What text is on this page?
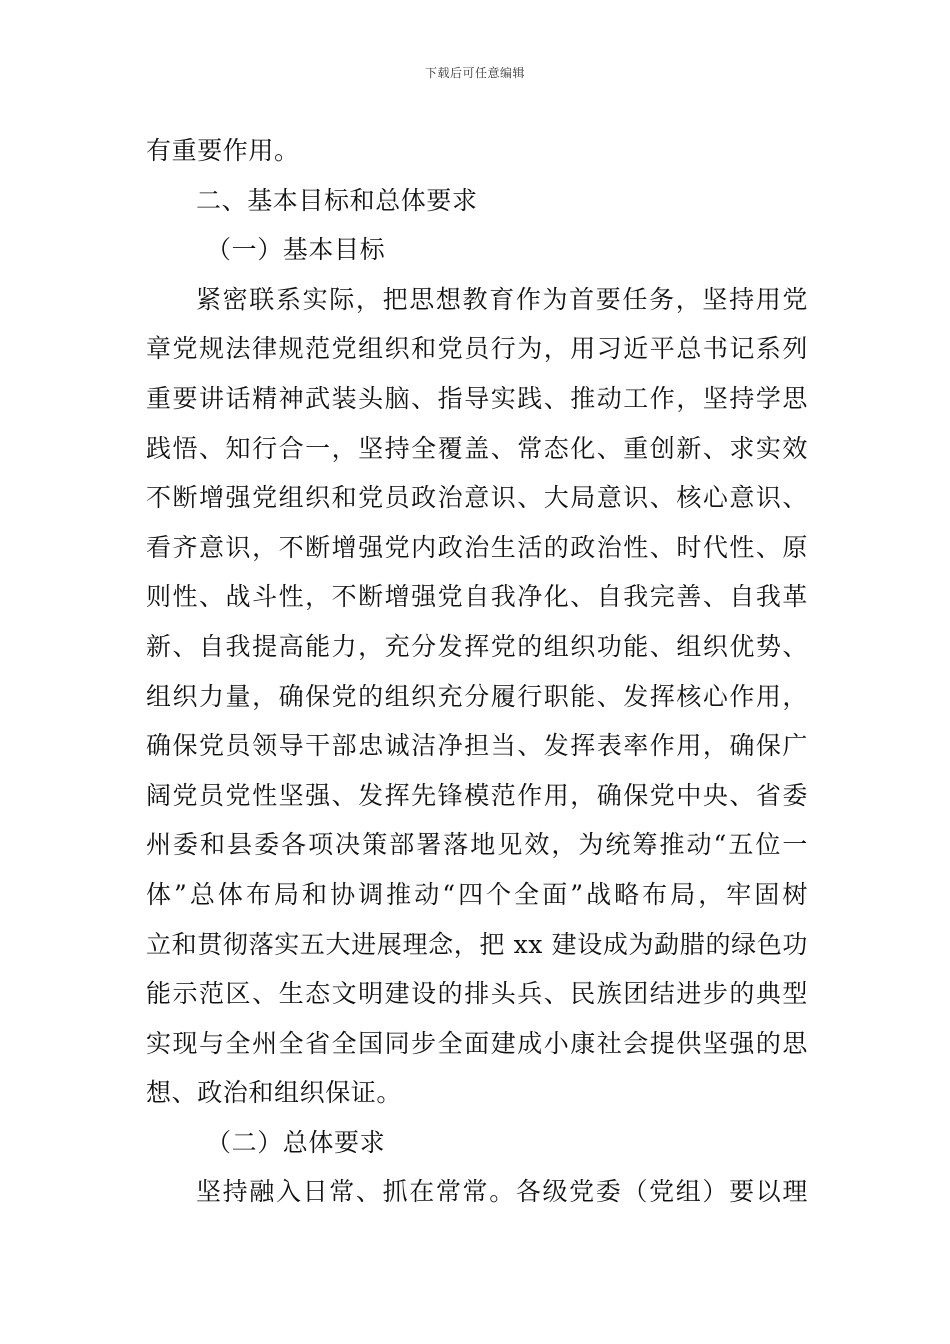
下载后可任意编辑
有重要作用。
二、基本目标和总体要求
（一）基本目标
紧密联系实际，把思想教育作为首要任务，坚持用党
章党规法律规范党组织和党员行为，用习近平总书记系列
重要讲话精神武装头脑、指导实践、推动工作，坚持学思
践悟、知行合一，坚持全覆盖、常态化、重创新、求实效
不断增强党组织和党员政治意识、大局意识、核心意识、
看齐意识，不断增强党内政治生活的政治性、时代性、原
则性、战斗性，不断增强党自我净化、自我完善、自我革
新、自我提高能力，充分发挥党的组织功能、组织优势、
组织力量，确保党的组织充分履行职能、发挥核心作用，
确保党员领导干部忠诚洁净担当、发挥表率作用，确保广
阔党员党性坚强、发挥先锋模范作用，确保党中央、省委
州委和县委各项决策部署落地见效，为统筹推动“五位一
体”总体布局和协调推动“四个全面”战略布局，牢固树
立和贯彻落实五大进展理念，把 xx 建设成为勐腊的绿色功
能示范区、生态文明建设的排头兵、民族团结进步的典型
实现与全州全省全国同步全面建成小康社会提供坚强的思
想、政治和组织保证。
（二）总体要求
坚持融入日常、抓在常常。各级党委（党组）要以理
